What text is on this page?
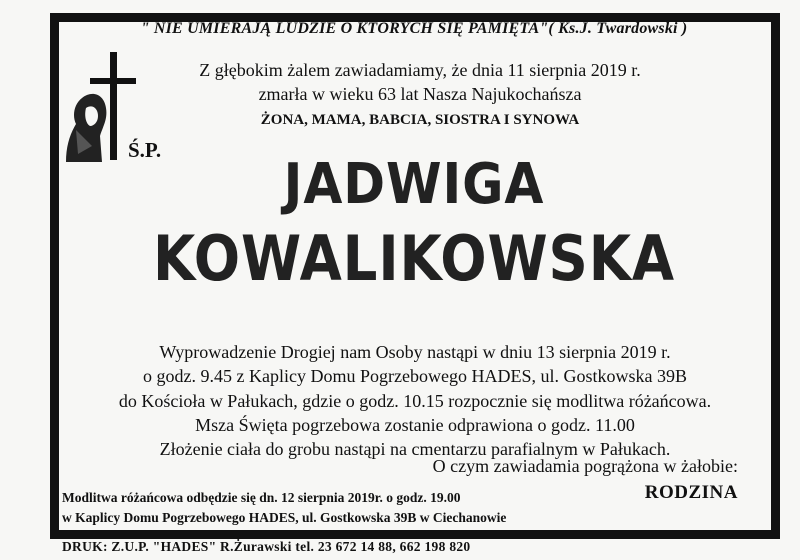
" NIE UMIERAJĄ LUDZIE O KTÓRYCH SIĘ PAMIĘTA"( Ks.J. Twardowski )
Ś.P.
Z głębokim żalem zawiadamiamy, że dnia 11 sierpnia 2019 r.
zmarła w wieku 63 lat Nasza Najukochańsza
ŻONA, MAMA, BABCIA, SIOSTRA I SYNOWA
JADWIGA
KOWALIKOWSKA
Wyprowadzenie Drogiej nam Osoby nastąpi w dniu 13 sierpnia 2019 r.
o godz. 9.45 z Kaplicy Domu Pogrzebowego HADES, ul. Gostkowska 39B
do Kościoła w Pałukach, gdzie o godz. 10.15 rozpocznie się modlitwa różańcowa.
Msza Święta pogrzebowa zostanie odprawiona o godz. 11.00
Złożenie ciała do grobu nastąpi na cmentarzu parafialnym w Pałukach.
O czym zawiadamia pogrążona w żałobie:
RODZINA
Modlitwa różańcowa odbędzie się dn. 12 sierpnia 2019r. o godz. 19.00
w Kaplicy Domu Pogrzebowego HADES, ul. Gostkowska 39B w Ciechanowie
DRUK: Z.U.P. "HADES" R.Żurawski tel. 23 672 14 88, 662 198 820
